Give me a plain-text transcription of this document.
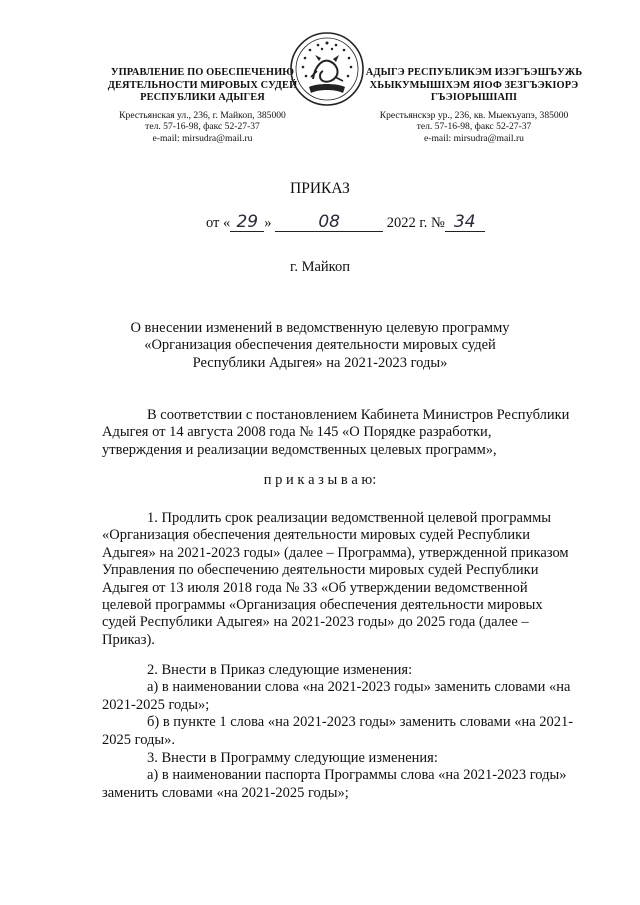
УПРАВЛЕНИЕ ПО ОБЕСПЕЧЕНИЮ
ДЕЯТЕЛЬНОСТИ МИРОВЫХ СУДЕЙ
РЕСПУБЛИКИ АДЫГЕЯ
Крестьянская ул., 236, г. Майкоп, 385000
тел. 57-16-98, факс 52-27-37
e-mail: mirsudra@mail.ru
АДЫГЭ РЕСПУБЛИКЭМ ИЗЭГЪЭШЪУЖЬ
ХЬЫКУМЫШІХЭМ ЯІОФ ЗЕЗГЪЭКІОРЭ
ГЪЭІОРЫШІАПІ
Крестьянскэр ур., 236, кв. Мыекъуапэ, 385000
тел. 57-16-98, факс 52-27-37
e-mail: mirsudra@mail.ru
ПРИКАЗ
от « 29 »	08	2022 г. № 34
г. Майкоп
О внесении изменений в ведомственную целевую программу
«Организация обеспечения деятельности мировых судей
Республики Адыгея» на 2021-2023 годы»
В соответствии с постановлением Кабинета Министров Республики
Адыгея от 14 августа 2008 года № 145 «О Порядке разработки,
утверждения и реализации ведомственных целевых программ»,
п р и к а з ы в а ю:
1. Продлить срок реализации ведомственной целевой программы
«Организация обеспечения деятельности мировых судей Республики
Адыгея» на 2021-2023 годы» (далее – Программа), утвержденной приказом
Управления по обеспечению деятельности мировых судей Республики
Адыгея от 13 июля 2018 года № 33 «Об утверждении ведомственной
целевой программы «Организация обеспечения деятельности мировых
судей Республики Адыгея» на 2021-2023 годы» до 2025 года (далее –
Приказ).
2. Внести в Приказ следующие изменения:
а) в наименовании слова «на 2021-2023 годы» заменить словами «на
2021-2025 годы»;
б) в пункте 1 слова «на 2021-2023 годы» заменить словами «на 2021-
2025 годы».
3. Внести в Программу следующие изменения:
а) в наименовании паспорта Программы слова «на 2021-2023 годы»
заменить словами «на 2021-2025 годы»;
